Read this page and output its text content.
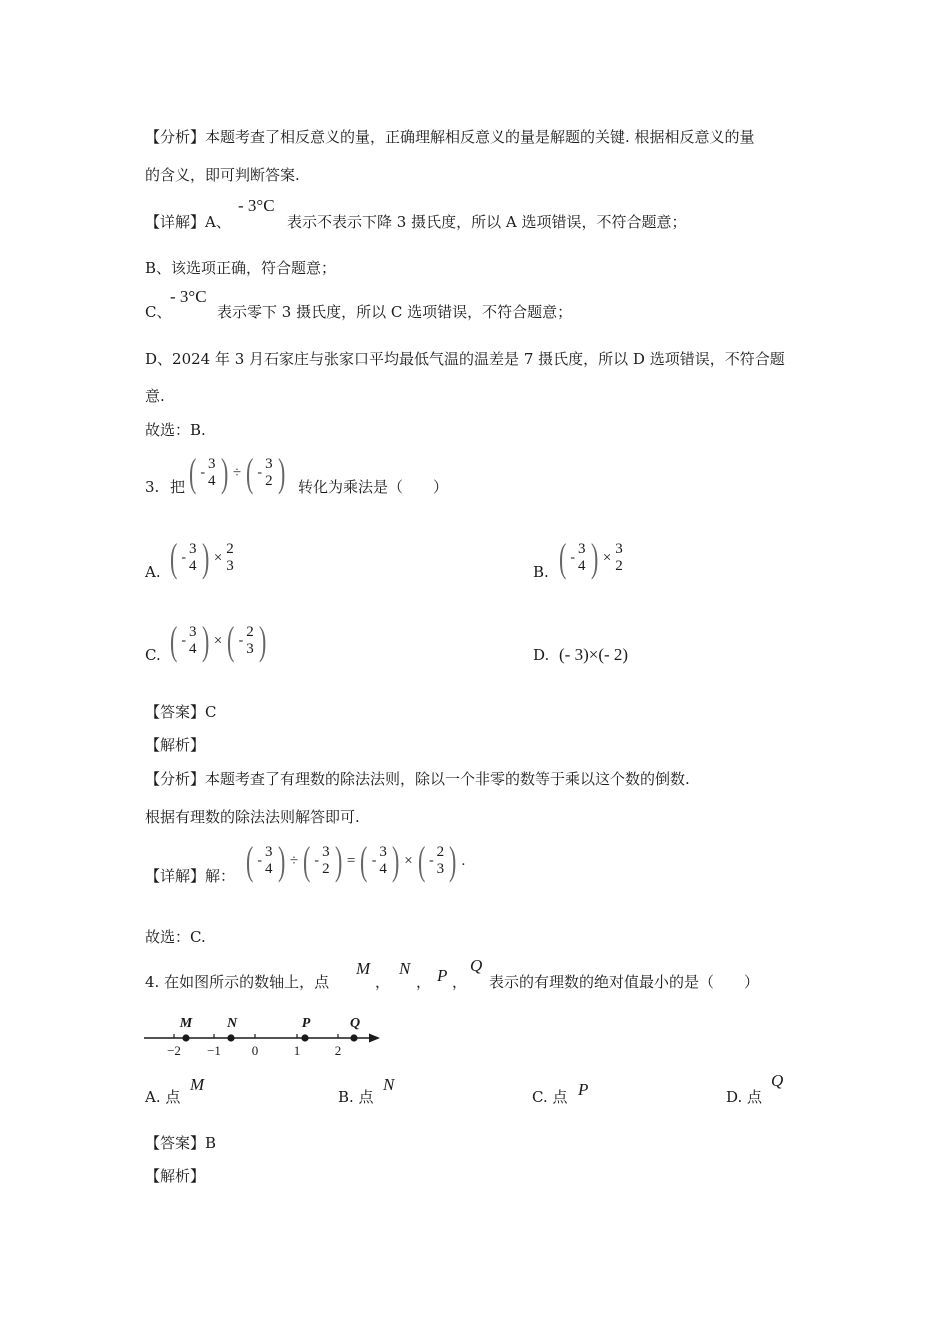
【分析】本题考查了相反意义的量，正确理解相反意义的量是解题的关键. 根据相反意义的量
的含义，即可判断答案.
【详解】A、
- 3°C
表示不表示下降 3 摄氏度，所以 A 选项错误，不符合题意；
B、该选项正确，符合题意；
C、
- 3°C
表示零下 3 摄氏度，所以 C 选项错误，不符合题意；
D、2024 年 3 月石家庄与张家口平均最低气温的温差是 7 摄氏度，所以 D 选项错误，不符合题
意.
故选：B.
3. 把 ( -
3
4 ) ÷ ( -
3
2 ) 转化为乘法是（　　）
A. ( -
3
4 ) ×
2
3	B. ( -
3
4 ) ×
3
2
C. ( -
3
4 ) × ( -
2
3 )	D. (- 3)×(- 2)
【答案】C
【解析】
【分析】本题考查了有理数的除法法则，除以一个非零的数等于乘以这个数的倒数.
根据有理数的除法法则解答即可.
【详解】解： ( -
3
4 ) ÷ ( -
3
2 ) = ( -
3
4 ) × ( -
2
3 ) .
故选：C.
4. 在如图所示的数轴上，点
M
，
N
， P ，
Q
表示的有理数的绝对值最小的是（　　）
M N	P	Q
−2 −1 0	1	2
A. 点
M
B. 点
N
C. 点 P	D. 点
Q
【答案】B
【解析】
